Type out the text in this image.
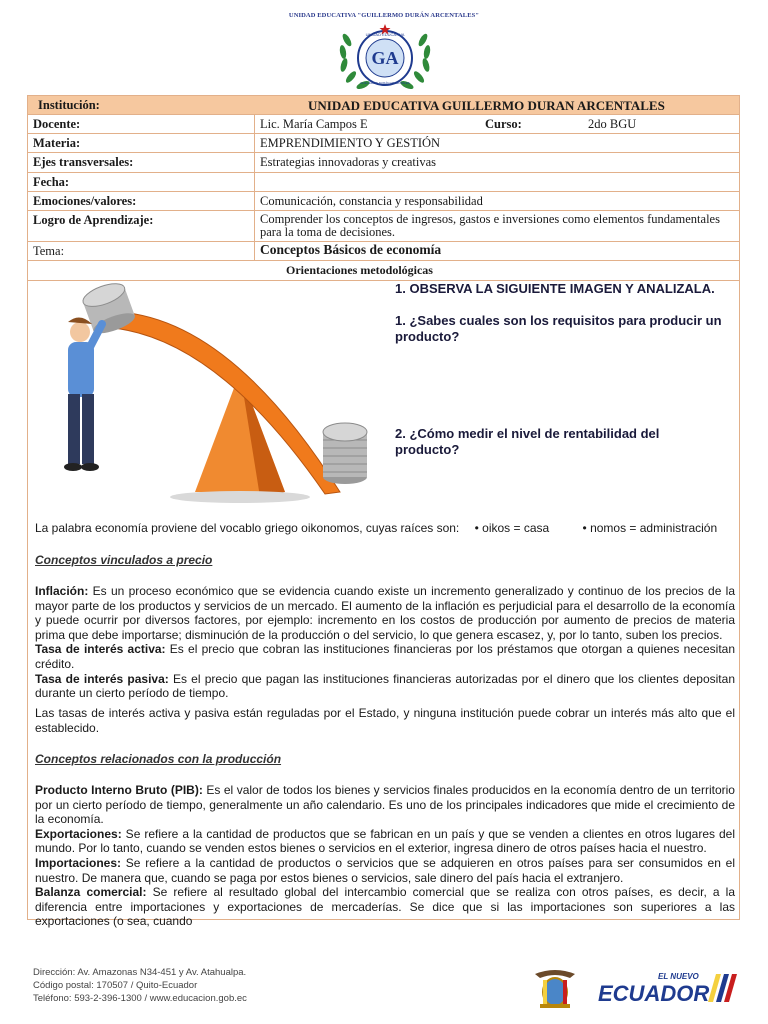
UNIDAD EDUCATIVA "GUILLERMO DURÁN ARCENTALES"
GA
UNIDAD EDUCATIVA
GUILLERMO DURÁN ARCENTALES
Institución:	UNIDAD EDUCATIVA GUILLERMO DURAN ARCENTALES
Docente:	Lic. María Campos E	Curso:	2do BGU
Materia:	EMPRENDIMIENTO Y GESTIÓN
Ejes transversales:	Estrategias innovadoras y creativas
Fecha:
Emociones/valores:	Comunicación, constancia y responsabilidad
Logro de Aprendizaje:	Comprender los conceptos de ingresos, gastos e inversiones como elementos fundamentales para la toma de decisiones.
Tema:	Conceptos Básicos de economía
Orientaciones metodológicas
1. OBSERVA LA SIGUIENTE IMAGEN Y ANALIZALA.
1. ¿Sabes cuales son los requisitos para producir un producto?
2. ¿Cómo medir el nivel de rentabilidad del producto?
La palabra economía proviene del vocablo griego oikonomos, cuyas raíces son: • oikos = casa	• nomos = administración
Conceptos vinculados a precio
Inflación: Es un proceso económico que se evidencia cuando existe un incremento generalizado y continuo de los precios de la mayor parte de los productos y servicios de un mercado. El aumento de la inflación es perjudicial para el desarrollo de la economía y puede ocurrir por diversos factores, por ejemplo: incremento en los costos de producción por aumento de precios de materia prima que debe importarse; disminución de la producción o del servicio, lo que genera escasez, y, por lo tanto, suben los precios.
Tasa de interés activa: Es el precio que cobran las instituciones financieras por los préstamos que otorgan a quienes necesitan crédito.
Tasa de interés pasiva: Es el precio que pagan las instituciones financieras autorizadas por el dinero que los clientes depositan durante un cierto período de tiempo.
Las tasas de interés activa y pasiva están reguladas por el Estado, y ninguna institución puede cobrar un interés más alto que el establecido.
Conceptos relacionados con la producción
Producto Interno Bruto (PIB): Es el valor de todos los bienes y servicios finales producidos en la economía dentro de un territorio por un cierto período de tiempo, generalmente un año calendario. Es uno de los principales indicadores que mide el crecimiento de la economía.
Exportaciones: Se refiere a la cantidad de productos que se fabrican en un país y que se venden a clientes en otros lugares del mundo. Por lo tanto, cuando se venden estos bienes o servicios en el exterior, ingresa dinero de otros países hacia el nuestro.
Importaciones: Se refiere a la cantidad de productos o servicios que se adquieren en otros países para ser consumidos en el nuestro. De manera que, cuando se paga por estos bienes o servicios, sale dinero del país hacia el extranjero.
Balanza comercial: Se refiere al resultado global del intercambio comercial que se realiza con otros países, es decir, a la diferencia entre importaciones y exportaciones de mercaderías. Se dice que si las importaciones son superiores a las exportaciones (o sea, cuando
Dirección: Av. Amazonas N34-451 y Av. Atahualpa.
Código postal: 170507 / Quito-Ecuador
Teléfono: 593-2-396-1300 / www.educacion.gob.ec
EL NUEVO
ECUADOR
